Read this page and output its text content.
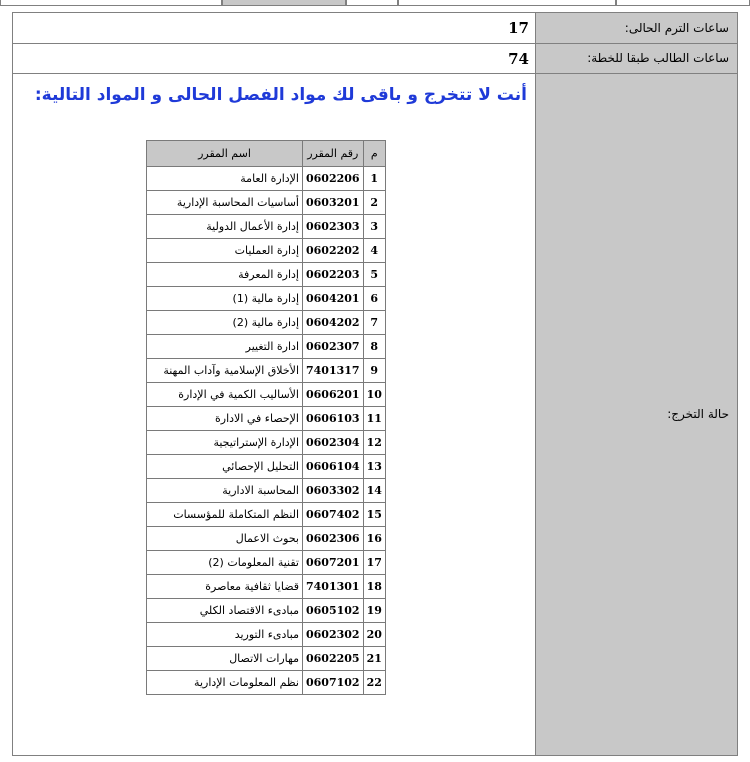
ساعات الترم الحالى:
17
ساعات الطالب طبقا للخطة:
74
حالة التخرج:
أنت لا تتخرج و باقى لك مواد الفصل الحالى و المواد التالية:
م	رقم المقرر	اسم المقرر
1	0602206	الإدارة العامة
2	0603201	أساسيات المحاسبة الإدارية
3	0602303	إدارة الأعمال الدولية
4	0602202	إدارة العمليات
5	0602203	إدارة المعرفة
6	0604201	إدارة مالية (1)
7	0604202	إدارة مالية (2)
8	0602307	ادارة التغيير
9	7401317	الأخلاق الإسلامية وآداب المهنة
10	0606201	الأساليب الكمية في الإدارة
11	0606103	الإحصاء في الادارة
12	0602304	الإدارة الإستراتيجية
13	0606104	التحليل الإحصائي
14	0603302	المحاسبة الادارية
15	0607402	النظم المتكاملة للمؤسسات
16	0602306	بحوث الاعمال
17	0607201	تقنية المعلومات (2)
18	7401301	قضايا ثقافية معاصرة
19	0605102	مبادىء الاقتصاد الكلي
20	0602302	مبادىء التوريد
21	0602205	مهارات الاتصال
22	0607102	نظم المعلومات الإدارية
